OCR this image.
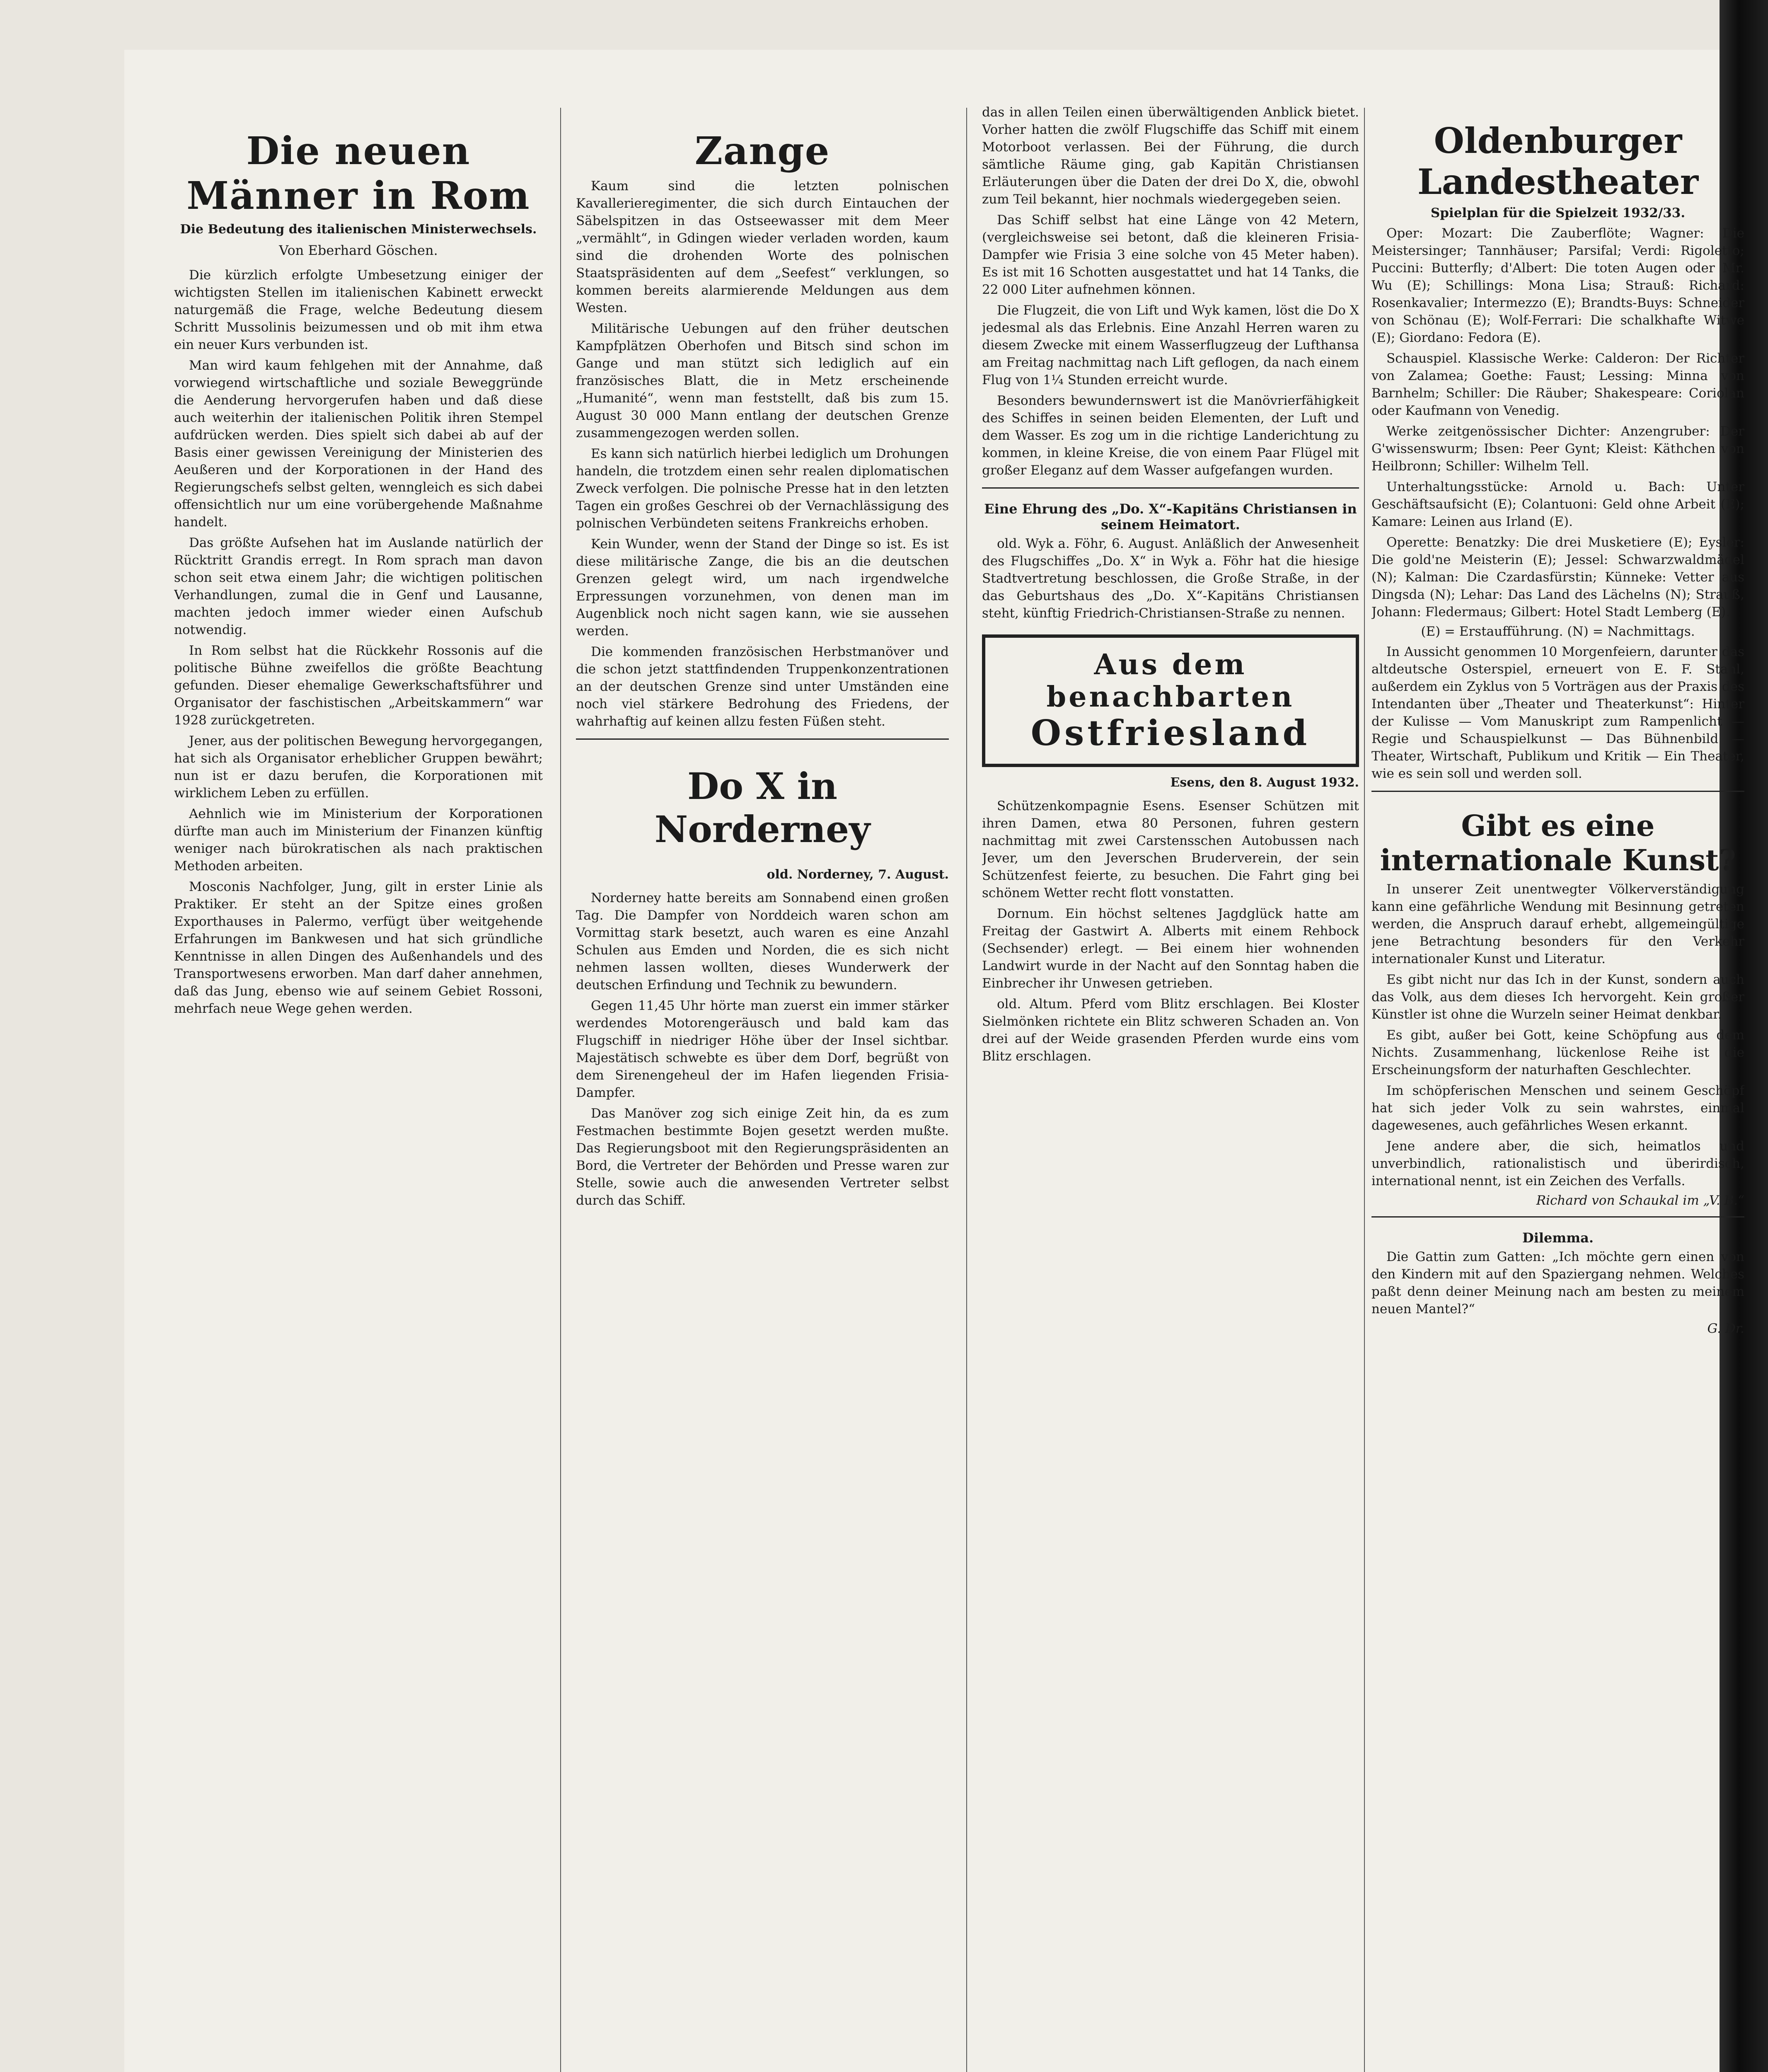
Die neuen Männer in Rom
Die Bedeutung des italienischen Ministerwechsels.
Von Eberhard Göschen.

Die kürzlich erfolgte Umbesetzung einiger der wichtigsten Stellen im italienischen Kabinett erweckt naturgemäß die Frage, welche Bedeutung diesem Schritt Mussolinis beizumessen und ob mit ihm etwa ein neuer Kurs verbunden ist.

Man wird kaum fehlgehen mit der Annahme, daß vorwiegend wirtschaftliche und soziale Beweggründe die Aenderung hervorgerufen haben und daß diese auch weiterhin der italienischen Politik ihren Stempel aufdrücken werden. Dies spielt sich dabei ab auf der Basis einer gewissen Vereinigung der Ministerien des Aeußeren und der Korporationen in der Hand des Regierungschefs selbst gelten, wenngleich es sich dabei offensichtlich nur um eine vorübergehende Maßnahme handelt.

Das größte Aufsehen hat im Auslande natürlich der Rücktritt Grandis erregt. In Rom sprach man davon schon seit etwa einem Jahr; die wichtigen politischen Verhandlungen, zumal die in Genf und Lausanne, machten jedoch immer wieder einen Aufschub notwendig.

In Rom selbst hat die Rückkehr Rossonis auf die politische Bühne zweifellos die größte Beachtung gefunden. Dieser ehemalige Gewerkschaftsführer und Organisator der faschistischen „Arbeitskammern“ war 1928 zurückgetreten.

Jener, aus der politischen Bewegung hervorgegangen, hat sich als Organisator erheblicher Gruppen bewährt; nun ist er dazu berufen, die Korporationen mit wirklichem Leben zu erfüllen.

Aehnlich wie im Ministerium der Korporationen dürfte man auch im Ministerium der Finanzen künftig weniger nach bürokratischen als nach praktischen Methoden arbeiten.

Mosconis Nachfolger, Jung, gilt in erster Linie als Praktiker. Er steht an der Spitze eines großen Exporthauses in Palermo, verfügt über weitgehende Erfahrungen im Bankwesen und hat sich gründliche Kenntnisse in allen Dingen des Außenhandels und des Transportwesens erworben. Man darf daher annehmen, daß das Jung, ebenso wie auf seinem Gebiet Rossoni, mehrfach neue Wege gehen werden.

Zange

Kaum sind die letzten polnischen Kavallerieregimenter, die sich durch Eintauchen der Säbelspitzen in das Ostseewasser mit dem Meer „vermählt“, in Gdingen wieder verladen worden, kaum sind die drohenden Worte des polnischen Staatspräsidenten auf dem „Seefest“ verklungen, so kommen bereits alarmierende Meldungen aus dem Westen.

Militärische Uebungen auf den früher deutschen Kampfplätzen Oberhofen und Bitsch sind schon im Gange und man stützt sich lediglich auf ein französisches Blatt, die in Metz erscheinende „Humanité“, wenn man feststellt, daß bis zum 15. August 30 000 Mann entlang der deutschen Grenze zusammengezogen werden sollen.

Es kann sich natürlich hierbei lediglich um Drohungen handeln, die trotzdem einen sehr realen diplomatischen Zweck verfolgen. Die polnische Presse hat in den letzten Tagen ein großes Geschrei ob der Vernachlässigung des polnischen Verbündeten seitens Frankreichs erhoben.

Kein Wunder, wenn der Stand der Dinge so ist. Es ist diese militärische Zange, die bis an die deutschen Grenzen gelegt wird, um nach irgendwelche Erpressungen vorzunehmen, von denen man im Augenblick noch nicht sagen kann, wie sie aussehen werden.

Die kommenden französischen Herbstmanöver und die schon jetzt stattfindenden Truppenkonzentrationen an der deutschen Grenze sind unter Umständen eine noch viel stärkere Bedrohung des Friedens, der wahrhaftig auf keinen allzu festen Füßen steht.

Do X in Norderney
old. Norderney, 7. August.

Norderney hatte bereits am Sonnabend einen großen Tag. Die Dampfer von Norddeich waren schon am Vormittag stark besetzt, auch waren es eine Anzahl Schulen aus Emden und Norden, die es sich nicht nehmen lassen wollten, dieses Wunderwerk der deutschen Erfindung und Technik zu bewundern.

Gegen 11,45 Uhr hörte man zuerst ein immer stärker werdendes Motorengeräusch und bald kam das Flugschiff in niedriger Höhe über der Insel sichtbar. Majestätisch schwebte es über dem Dorf, begrüßt von dem Sirenengeheul der im Hafen liegenden Frisia-Dampfer.

Das Manöver zog sich einige Zeit hin, da es zum Festmachen bestimmte Bojen gesetzt werden mußte. Das Regierungsboot mit den Regierungspräsidenten an Bord, die Vertreter der Behörden und Presse waren zur Stelle, sowie auch die anwesenden Vertreter selbst durch das Schiff.

das in allen Teilen einen überwältigenden Anblick bietet. Vorher hatten die zwölf Flugschiffe das Schiff mit einem Motorboot verlassen. Bei der Führung, die durch sämtliche Räume ging, gab Kapitän Christiansen Erläuterungen über die Daten der drei Do X, die, obwohl zum Teil bekannt, hier nochmals wiedergegeben seien.

Das Schiff selbst hat eine Länge von 42 Metern, (vergleichsweise sei betont, daß die kleineren Frisia-Dampfer wie Frisia 3 eine solche von 45 Meter haben). Es ist mit 16 Schotten ausgestattet und hat 14 Tanks, die 22 000 Liter aufnehmen können.

Die Flugzeit, die von Lift und Wyk kamen, löst die Do X jedesmal als das Erlebnis. Eine Anzahl Herren waren zu diesem Zwecke mit einem Wasserflugzeug der Lufthansa am Freitag nachmittag nach Lift geflogen, da nach einem Flug von 1¼ Stunden erreicht wurde.

Besonders bewundernswert ist die Manövrierfähigkeit des Schiffes in seinen beiden Elementen, der Luft und dem Wasser. Es zog um in die richtige Landerichtung zu kommen, in kleine Kreise, die von einem Paar Flügel mit großer Eleganz auf dem Wasser aufgefangen wurden.

Eine Ehrung des „Do. X“-Kapitäns Christiansen in seinem Heimatort.

old. Wyk a. Föhr, 6. August. Anläßlich der Anwesenheit des Flugschiffes „Do. X“ in Wyk a. Föhr hat die hiesige Stadtvertretung beschlossen, die Große Straße, in der das Geburtshaus des „Do. X“-Kapitäns Christiansen steht, künftig Friedrich-Christiansen-Straße zu nennen.

Aus dem benachbarten
Ostfriesland
Esens, den 8. August 1932.

Schützenkompagnie Esens. Esenser Schützen mit ihren Damen, etwa 80 Personen, fuhren gestern nachmittag mit zwei Carstensschen Autobussen nach Jever, um den Jeverschen Bruderverein, der sein Schützenfest feierte, zu besuchen. Die Fahrt ging bei schönem Wetter recht flott vonstatten.

Dornum. Ein höchst seltenes Jagdglück hatte am Freitag der Gastwirt A. Alberts mit einem Rehbock (Sechsender) erlegt. — Bei einem hier wohnenden Landwirt wurde in der Nacht auf den Sonntag haben die Einbrecher ihr Unwesen getrieben.

old. Altum. Pferd vom Blitz erschlagen. Bei Kloster Sielmönken richtete ein Blitz schweren Schaden an. Von drei auf der Weide grasenden Pferden wurde eins vom Blitz erschlagen.

Oldenburger Landestheater
Spielplan für die Spielzeit 1932/33.

Oper: Mozart: Die Zauberflöte; Wagner: Die Meistersinger; Tannhäuser; Parsifal; Verdi: Rigoletto; Puccini: Butterfly; d'Albert: Die toten Augen oder Mr. Wu (E); Schillings: Mona Lisa; Strauß: Richard: Rosenkavalier; Intermezzo (E); Brandts-Buys: Schneider von Schönau (E); Wolf-Ferrari: Die schalkhafte Witwe (E); Giordano: Fedora (E).

Schauspiel. Klassische Werke: Calderon: Der Richter von Zalamea; Goethe: Faust; Lessing: Minna von Barnhelm; Schiller: Die Räuber; Shakespeare: Coriolan oder Kaufmann von Venedig.

Werke zeitgenössischer Dichter: Anzengruber: Der G'wissenswurm; Ibsen: Peer Gynt; Kleist: Käthchen von Heilbronn; Schiller: Wilhelm Tell.

Unterhaltungsstücke: Arnold u. Bach: Unter Geschäftsaufsicht (E); Colantuoni: Geld ohne Arbeit (E); Kamare: Leinen aus Irland (E).

Operette: Benatzky: Die drei Musketiere (E); Eysler: Die gold'ne Meisterin (E); Jessel: Schwarzwaldmädel (N); Kalman: Die Czardasfürstin; Künneke: Vetter aus Dingsda (N); Lehar: Das Land des Lächelns (N); Strauß, Johann: Fledermaus; Gilbert: Hotel Stadt Lemberg (E).

(E) = Erstaufführung. (N) = Nachmittags.

In Aussicht genommen 10 Morgenfeiern, darunter das altdeutsche Osterspiel, erneuert von E. F. Stahl, außerdem ein Zyklus von 5 Vorträgen aus der Praxis des Intendanten über „Theater und Theaterkunst“: Hinter der Kulisse — Vom Manuskript zum Rampenlicht — Regie und Schauspielkunst — Das Bühnenbild — Theater, Wirtschaft, Publikum und Kritik — Ein Theater, wie es sein soll und werden soll.

Gibt es eine internationale Kunst?

In unserer Zeit unentwegter Völkerverständigung kann eine gefährliche Wendung mit Besinnung getreten werden, die Anspruch darauf erhebt, allgemeingültige jene Betrachtung besonders für den Verkehr internationaler Kunst und Literatur.

Es gibt nicht nur das Ich in der Kunst, sondern auch das Volk, aus dem dieses Ich hervorgeht. Kein großer Künstler ist ohne die Wurzeln seiner Heimat denkbar.

Es gibt, außer bei Gott, keine Schöpfung aus dem Nichts. Zusammenhang, lückenlose Reihe ist die Erscheinungsform der naturhaften Geschlechter.

Im schöpferischen Menschen und seinem Geschöpf hat sich jeder Volk zu sein wahrstes, einmal dagewesenes, auch gefährliches Wesen erkannt.

Jene andere aber, die sich, heimatlos und unverbindlich, rationalistisch und überirdisch, international nennt, ist ein Zeichen des Verfalls.

Richard von Schaukal im „V. B.“
Dilemma.

Die Gattin zum Gatten: „Ich möchte gern einen von den Kindern mit auf den Spaziergang nehmen. Welches paßt denn deiner Meinung nach am besten zu meinem neuen Mantel?“

G. Dr.
